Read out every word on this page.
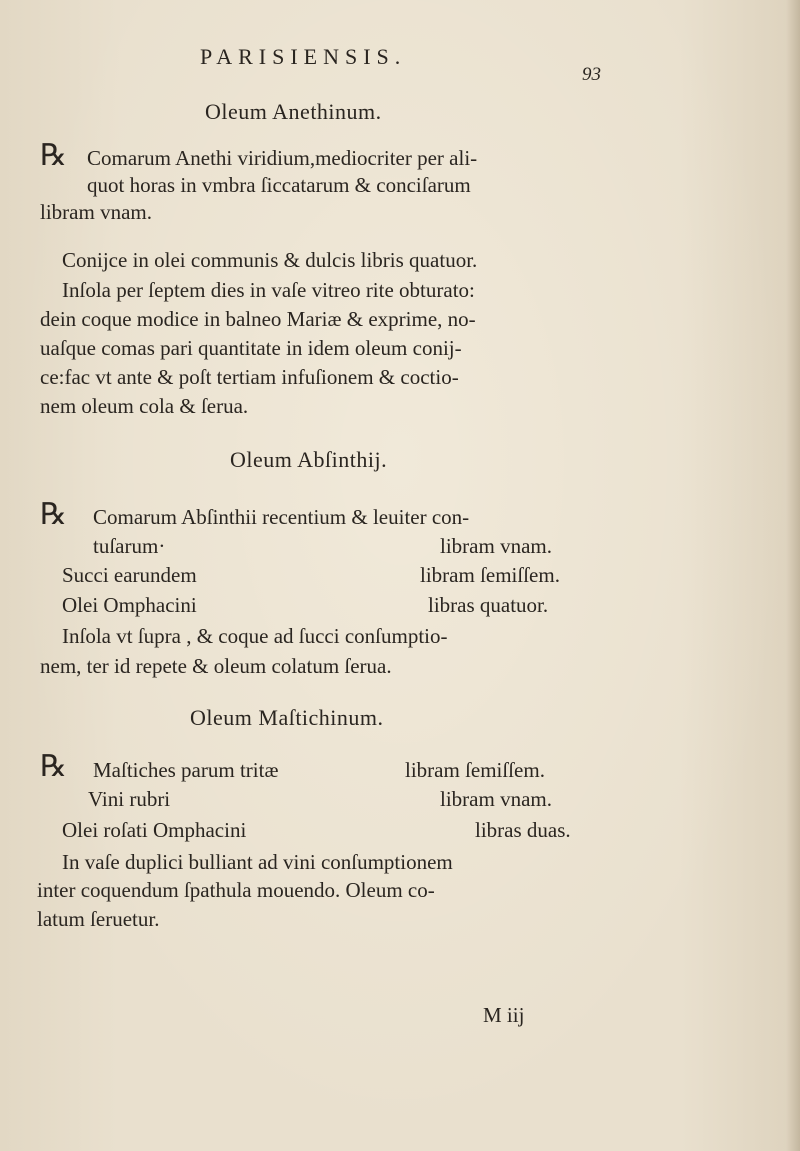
PARISIENSIS.
93
Oleum Anethinum.
℞ Comarum Anethi viridium,mediocriter per ali-
quot horas in vmbra ſiccatarum & conciſarum
libram vnam.
Conijce in olei communis & dulcis libris quatuor.
Inſola per ſeptem dies in vaſe vitreo rite obturato:
dein coque modice in balneo Mariæ & exprime, no-
uaſque comas pari quantitate in idem oleum conij-
ce:fac vt ante & poſt tertiam infuſionem & coctio-
nem oleum cola & ſerua.
Oleum Abſinthij.
℞ Comarum Abſinthii recentium & leuiter con-
tuſarum·	libram vnam.
Succi earundem	libram ſemiſſem.
Olei Omphacini	libras quatuor.
Inſola vt ſupra , & coque ad ſucci conſumptio-
nem, ter id repete & oleum colatum ſerua.
Oleum Maſtichinum.
℞ Maſtiches parum tritæ	libram ſemiſſem.
Vini rubri	libram vnam.
Olei roſati Omphacini	libras duas.
In vaſe duplici bulliant ad vini conſumptionem
inter coquendum ſpathula mouendo. Oleum co-
latum ſeruetur.
M iij
